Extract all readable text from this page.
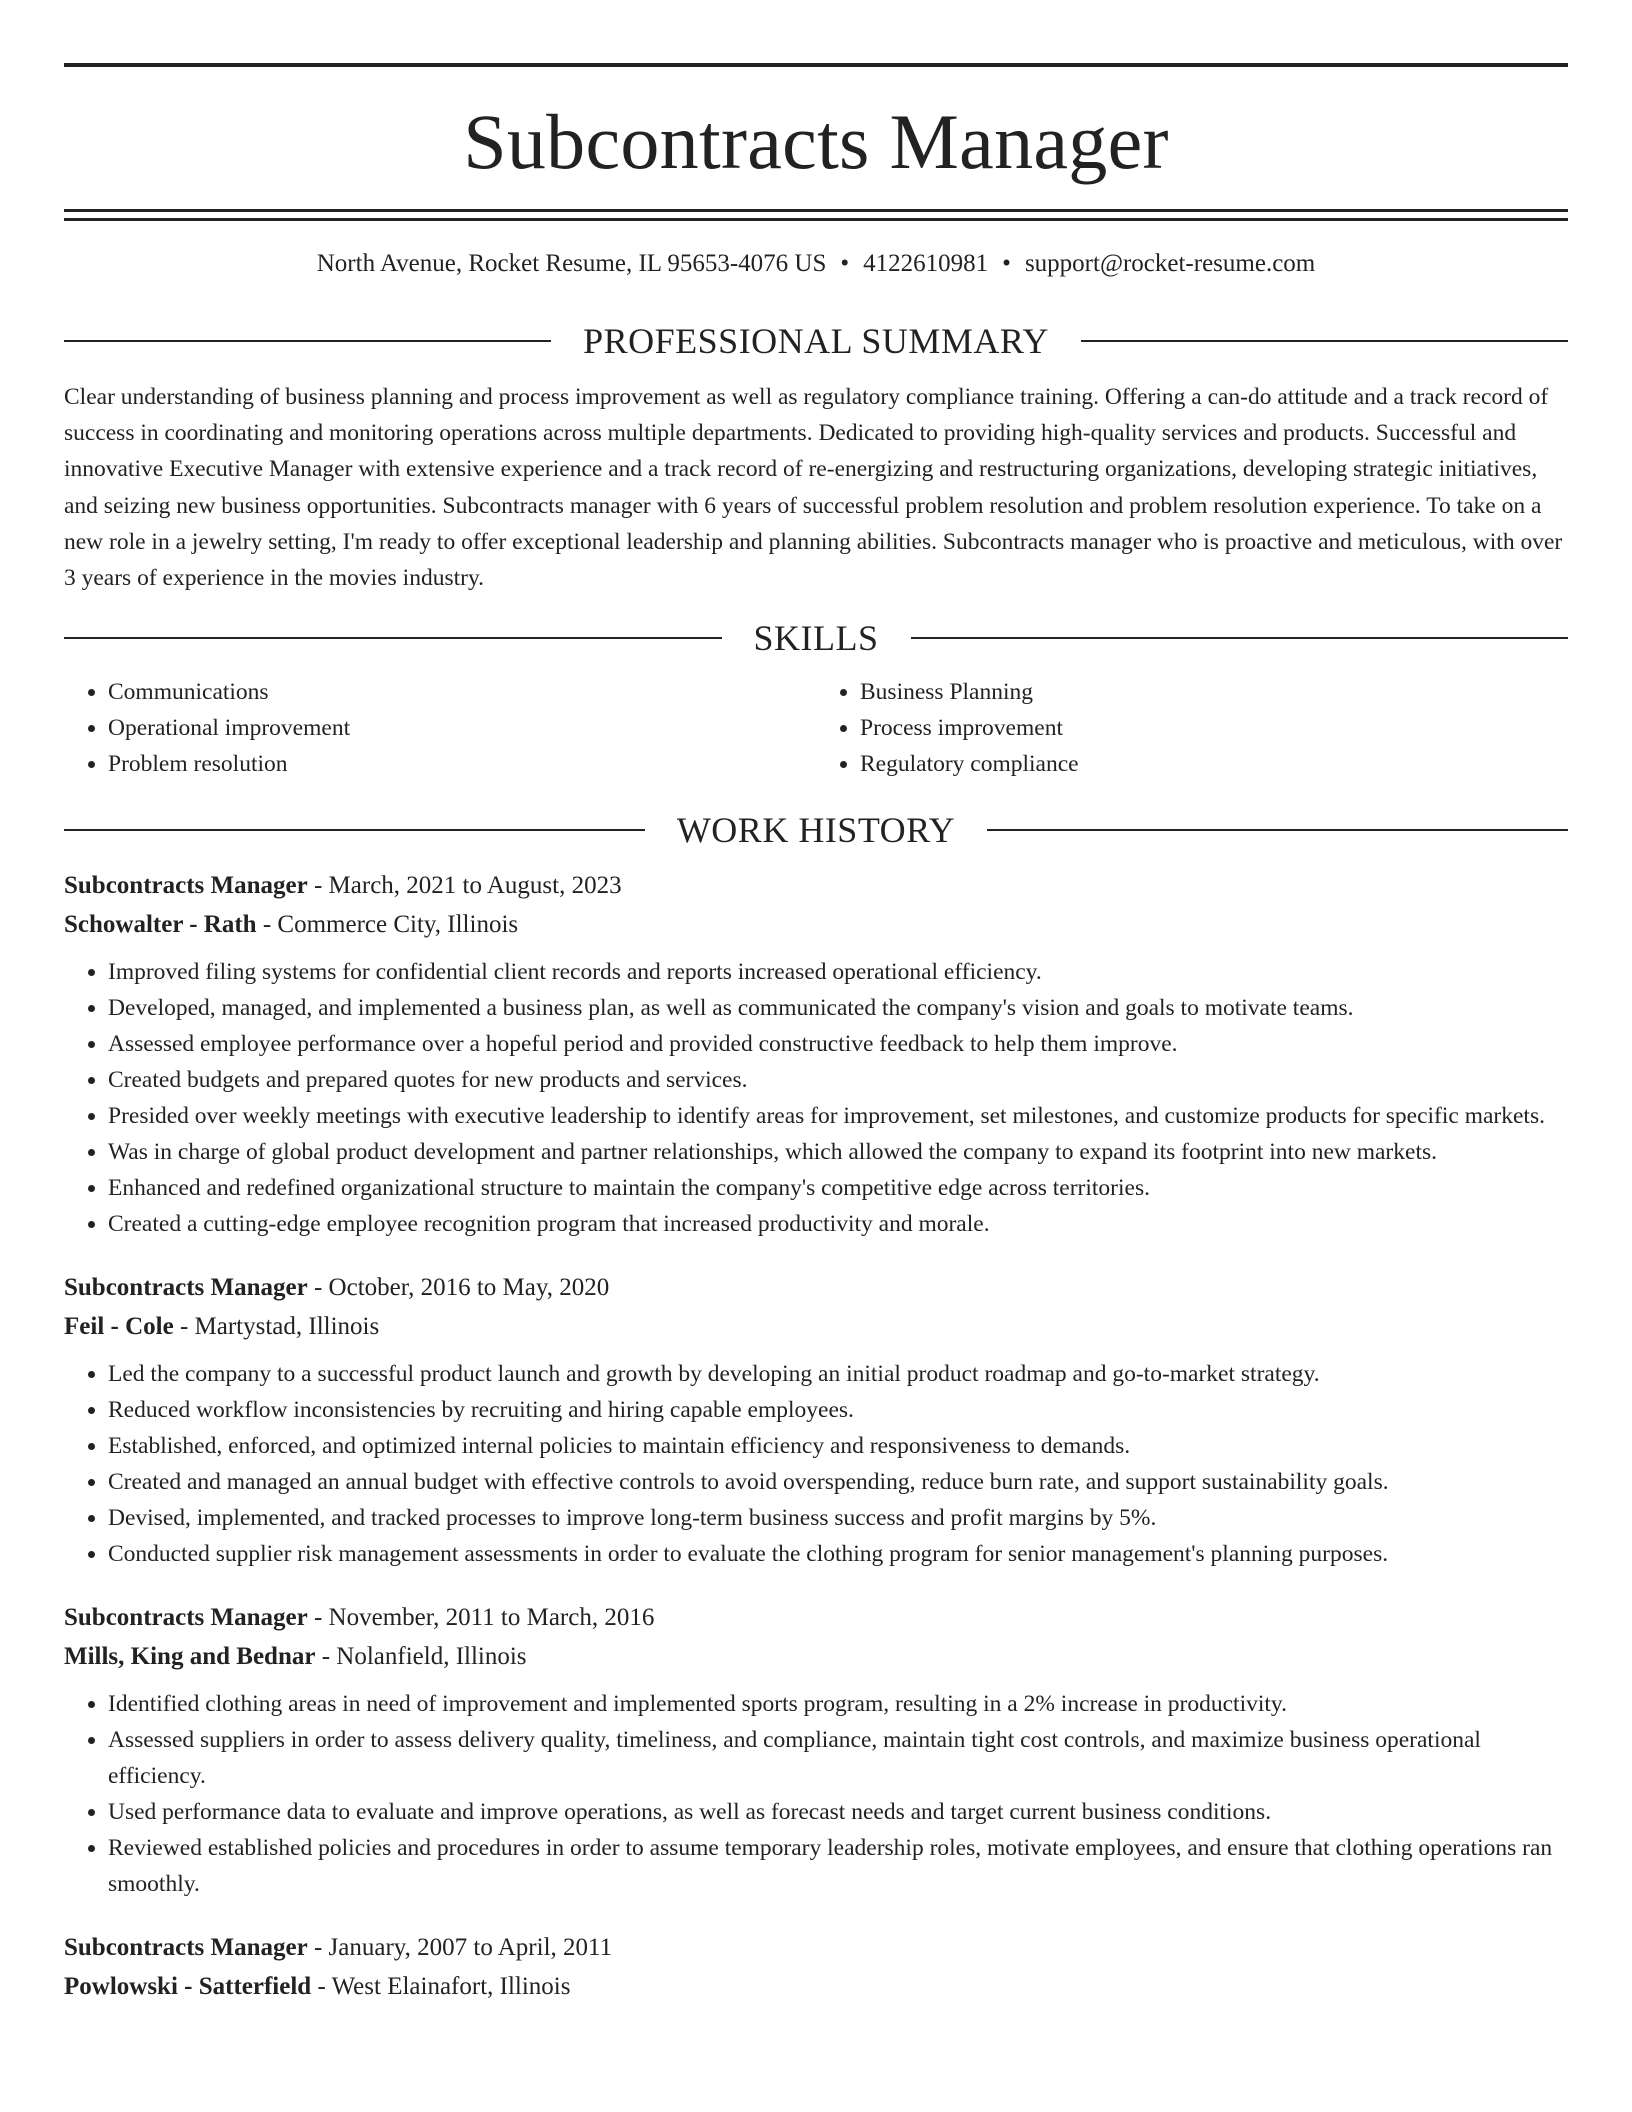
Subcontracts Manager
North Avenue, Rocket Resume, IL 95653-4076 US • 4122610981 • support@rocket-resume.com
PROFESSIONAL SUMMARY

Clear understanding of business planning and process improvement as well as regulatory compliance training. Offering a can-do attitude and a track record of success in coordinating and monitoring operations across multiple departments. Dedicated to providing high-quality services and products. Successful and innovative Executive Manager with extensive experience and a track record of re-energizing and restructuring organizations, developing strategic initiatives, and seizing new business opportunities. Subcontracts manager with 6 years of successful problem resolution and problem resolution experience. To take on a new role in a jewelry setting, I'm ready to offer exceptional leadership and planning abilities. Subcontracts manager who is proactive and meticulous, with over 3 years of experience in the movies industry.

SKILLS
• Communications
• Operational improvement
• Problem resolution
• Business Planning
• Process improvement
• Regulatory compliance
WORK HISTORY
Subcontracts Manager - March, 2021 to August, 2023
Schowalter - Rath - Commerce City, Illinois
• Improved filing systems for confidential client records and reports increased operational efficiency.
• Developed, managed, and implemented a business plan, as well as communicated the company's vision and goals to motivate teams.
• Assessed employee performance over a hopeful period and provided constructive feedback to help them improve.
• Created budgets and prepared quotes for new products and services.
• Presided over weekly meetings with executive leadership to identify areas for improvement, set milestones, and customize products for specific markets.
• Was in charge of global product development and partner relationships, which allowed the company to expand its footprint into new markets.
• Enhanced and redefined organizational structure to maintain the company's competitive edge across territories.
• Created a cutting-edge employee recognition program that increased productivity and morale.
Subcontracts Manager - October, 2016 to May, 2020
Feil - Cole - Martystad, Illinois
• Led the company to a successful product launch and growth by developing an initial product roadmap and go-to-market strategy.
• Reduced workflow inconsistencies by recruiting and hiring capable employees.
• Established, enforced, and optimized internal policies to maintain efficiency and responsiveness to demands.
• Created and managed an annual budget with effective controls to avoid overspending, reduce burn rate, and support sustainability goals.
• Devised, implemented, and tracked processes to improve long-term business success and profit margins by 5%.
• Conducted supplier risk management assessments in order to evaluate the clothing program for senior management's planning purposes.
Subcontracts Manager - November, 2011 to March, 2016
Mills, King and Bednar - Nolanfield, Illinois
• Identified clothing areas in need of improvement and implemented sports program, resulting in a 2% increase in productivity.
• Assessed suppliers in order to assess delivery quality, timeliness, and compliance, maintain tight cost controls, and maximize business operational efficiency.
• Used performance data to evaluate and improve operations, as well as forecast needs and target current business conditions.
• Reviewed established policies and procedures in order to assume temporary leadership roles, motivate employees, and ensure that clothing operations ran smoothly.
Subcontracts Manager - January, 2007 to April, 2011
Powlowski - Satterfield - West Elainafort, Illinois
